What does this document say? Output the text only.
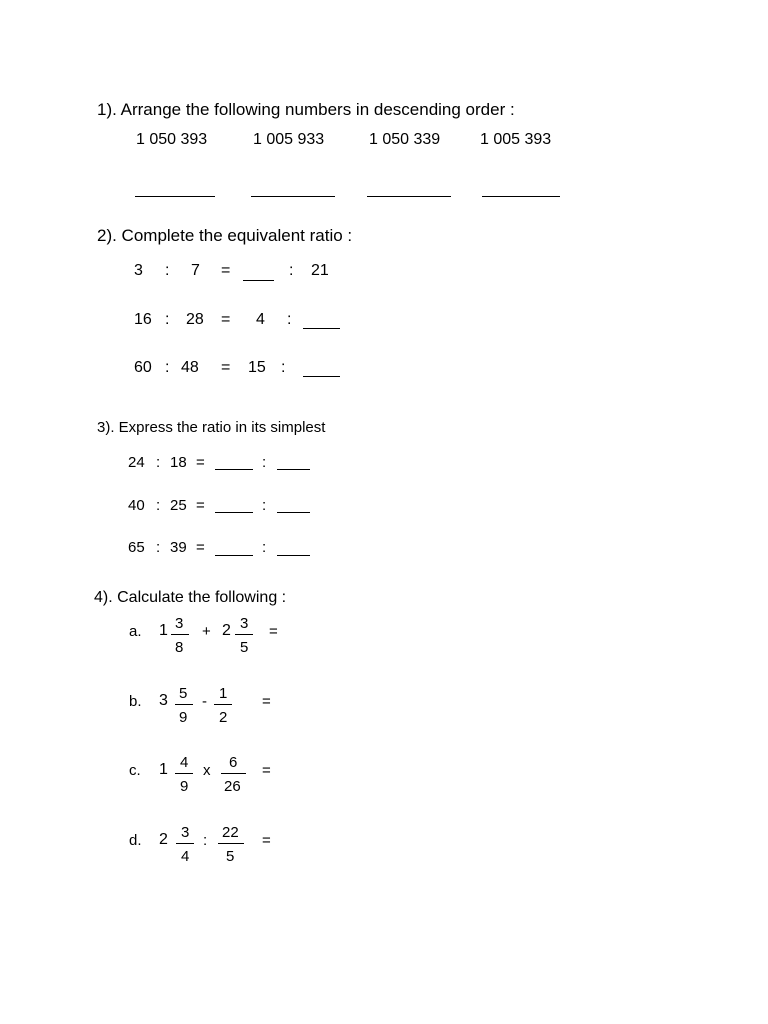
1). Arrange the following numbers in descending order :
1 050 393	1 005 933	1 050 339 1 005 393
2). Complete the equivalent ratio :
3 : 7 =	: 21
16 : 28 = 4 :
60 : 48 = 15 :
3). Express the ratio in its simplest
24 : 18 =	:
40 : 25 =	:
65 : 39 =	:
4). Calculate the following :
a. 1 3
8
+ 2 3
5
=
b. 3 5
9
- 1
2
=
c. 1 4
9
x 6
26
=
d. 2 3
4
: 22
5
=
